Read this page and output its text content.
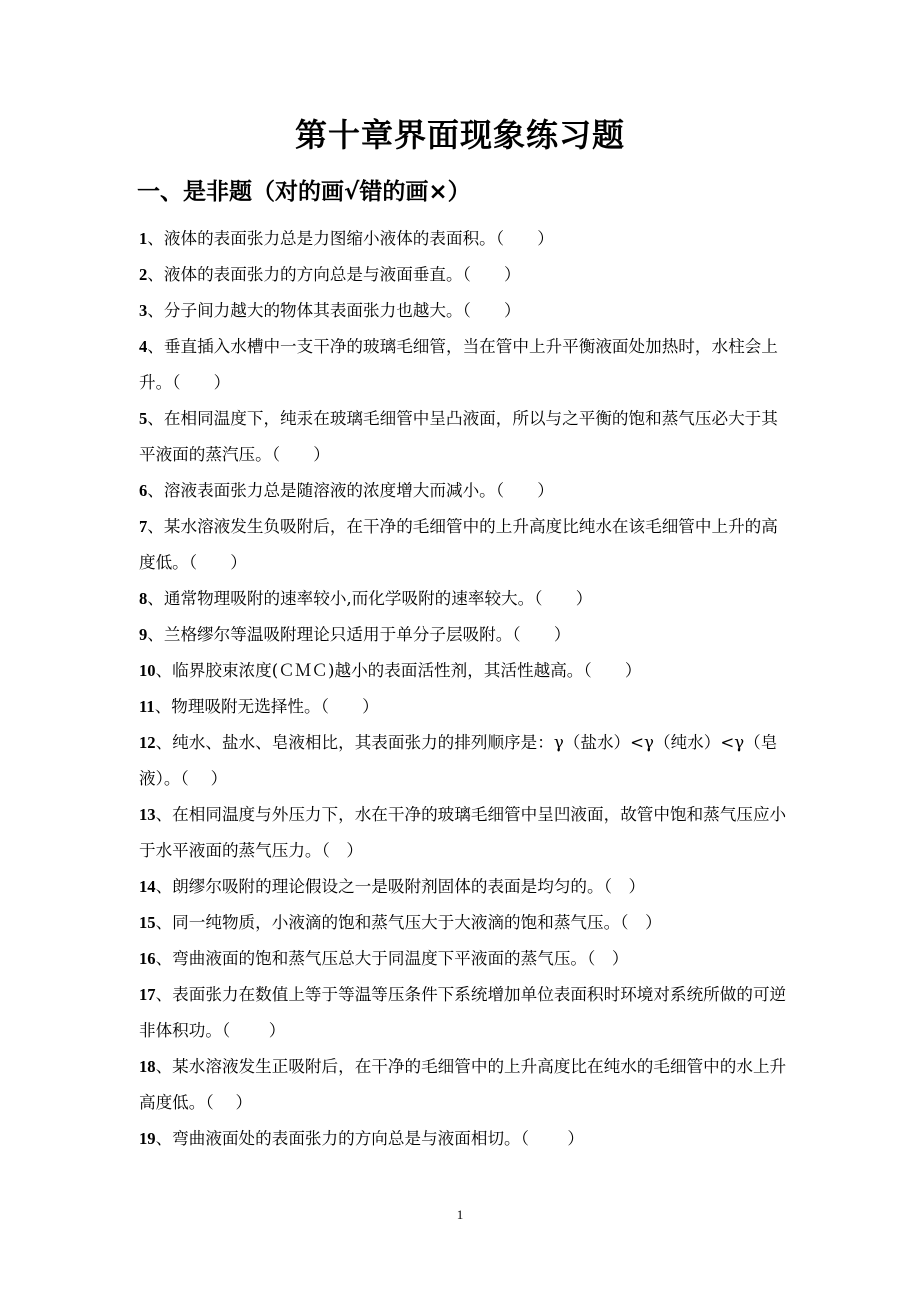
第十章界面现象练习题
一、是非题（对的画√错的画×）

1、液体的表面张力总是力图缩小液体的表面积。（　　）

2、液体的表面张力的方向总是与液面垂直。（　　）

3、分子间力越大的物体其表面张力也越大。（　　）

4、垂直插入水槽中一支干净的玻璃毛细管，当在管中上升平衡液面处加热时，水柱会上升。（　　）

5、在相同温度下，纯汞在玻璃毛细管中呈凸液面，所以与之平衡的饱和蒸气压必大于其平液面的蒸汽压。（　　）

6、溶液表面张力总是随溶液的浓度增大而减小。（　　）

7、某水溶液发生负吸附后，在干净的毛细管中的上升高度比纯水在该毛细管中上升的高度低。（　　）

8、通常物理吸附的速率较小,而化学吸附的速率较大。（　　）

9、兰格缪尔等温吸附理论只适用于单分子层吸附。（　　）

10、临界胶束浓度(ＣＭＣ)越小的表面活性剂，其活性越高。（　　）

11、物理吸附无选择性。（　　）

12、纯水、盐水、皂液相比，其表面张力的排列顺序是：γ（盐水）<γ（纯水）<γ（皂液）。（　 ）

13、在相同温度与外压力下，水在干净的玻璃毛细管中呈凹液面，故管中饱和蒸气压应小于水平液面的蒸气压力。（　）

14、朗缪尔吸附的理论假设之一是吸附剂固体的表面是均匀的。（　）

15、同一纯物质，小液滴的饱和蒸气压大于大液滴的饱和蒸气压。（　）

16、弯曲液面的饱和蒸气压总大于同温度下平液面的蒸气压。（　）

17、表面张力在数值上等于等温等压条件下系统增加单位表面积时环境对系统所做的可逆非体积功。（　　 ）

18、某水溶液发生正吸附后，在干净的毛细管中的上升高度比在纯水的毛细管中的水上升高度低。（　 ）

19、弯曲液面处的表面张力的方向总是与液面相切。（　　 ）

1
